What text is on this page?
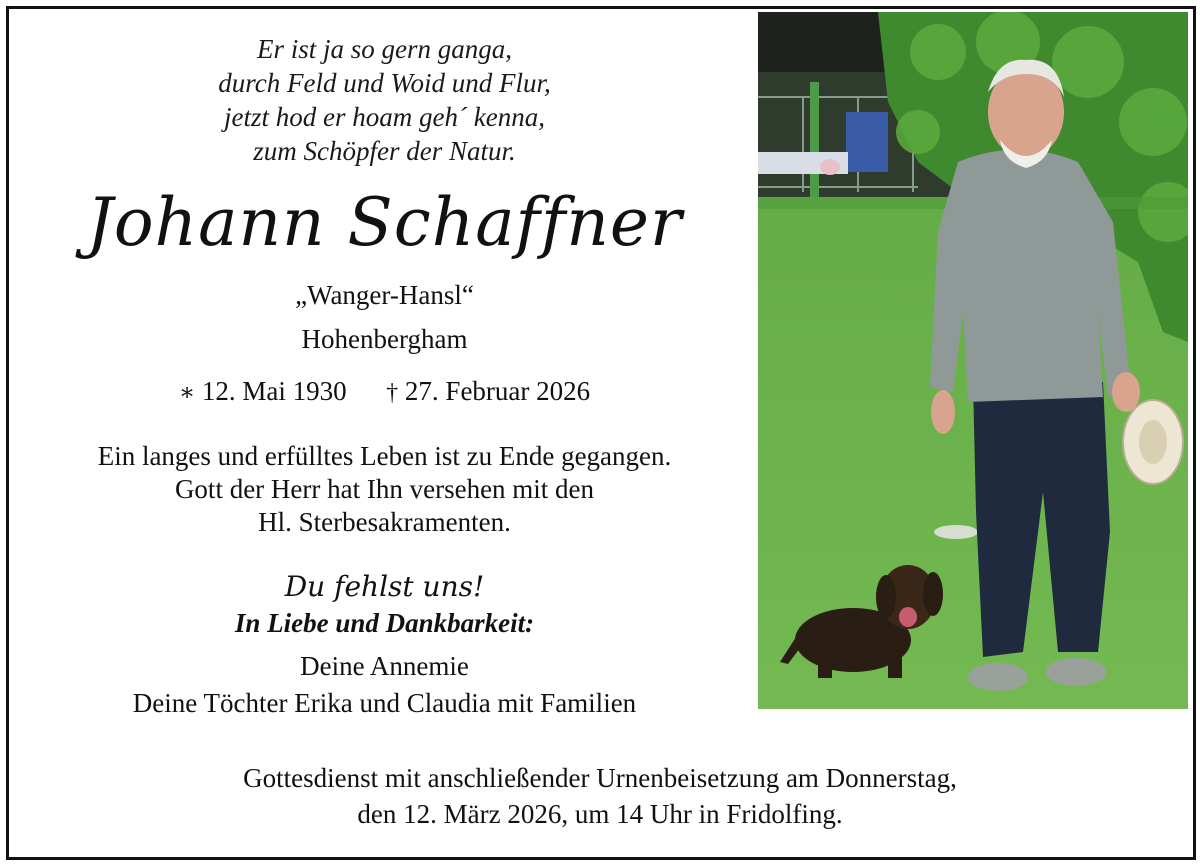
Er ist ja so gern ganga,
durch Feld und Woid und Flur,
jetzt hod er hoam geh´ kenna,
zum Schöpfer der Natur.
Johann Schaffner
„Wanger-Hansl“
Hohenbergham
∗ 12. Mai 1930 † 27. Februar 2026
Ein langes und erfülltes Leben ist zu Ende gegangen.
Gott der Herr hat Ihn versehen mit den
Hl. Sterbesakramenten.
Du fehlst uns!
In Liebe und Dankbarkeit:
Deine Annemie
Deine Töchter Erika und Claudia mit Familien
Gottesdienst mit anschließender Urnenbeisetzung am Donnerstag,
den 12. März 2026, um 14 Uhr in Fridolfing.
